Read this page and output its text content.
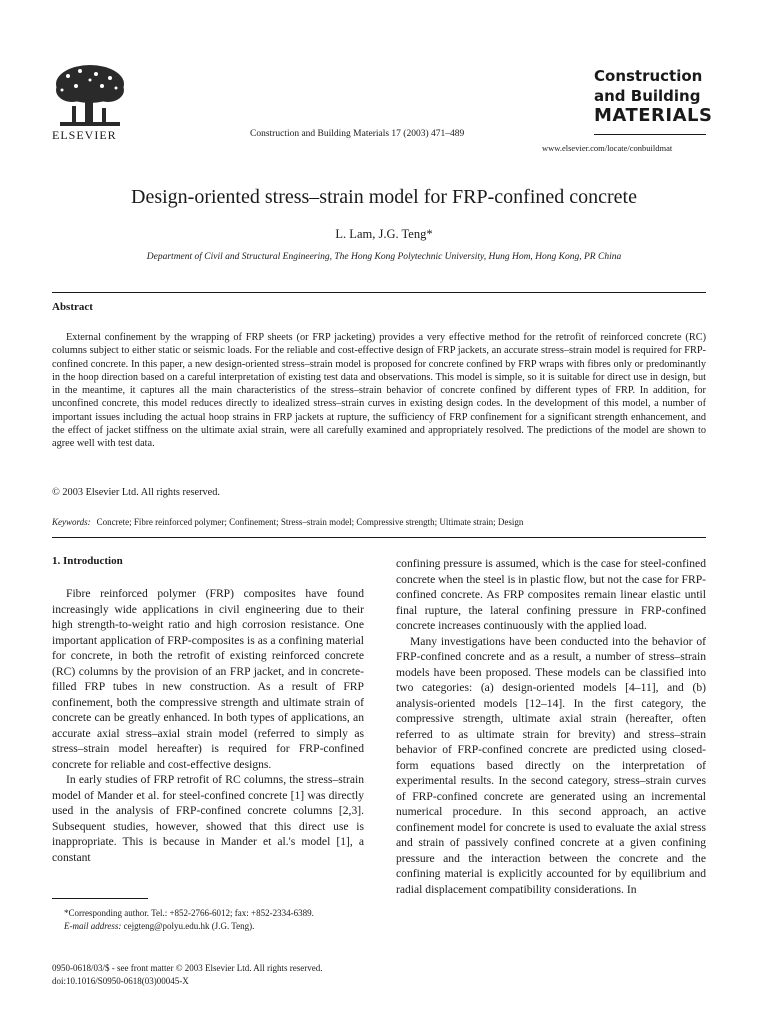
ELSEVIER	Construction and Building Materials 17 (2003) 471–489
Construction
and Building
MATERIALS
www.elsevier.com/locate/conbuildmat
Design-oriented stress–strain model for FRP-confined concrete
L. Lam, J.G. Teng*
Department of Civil and Structural Engineering, The Hong Kong Polytechnic University, Hung Hom, Hong Kong, PR China
Abstract
External confinement by the wrapping of FRP sheets (or FRP jacketing) provides a very effective method for the retrofit of reinforced concrete (RC) columns subject to either static or seismic loads. For the reliable and cost-effective design of FRP jackets, an accurate stress–strain model is required for FRP-confined concrete. In this paper, a new design-oriented stress–strain model is proposed for concrete confined by FRP wraps with fibres only or predominantly in the hoop direction based on a careful interpretation of existing test data and observations. This model is simple, so it is suitable for direct use in design, but in the meantime, it captures all the main characteristics of the stress–strain behavior of concrete confined by different types of FRP. In addition, for unconfined concrete, this model reduces directly to idealized stress–strain curves in existing design codes. In the development of this model, a number of important issues including the actual hoop strains in FRP jackets at rupture, the sufficiency of FRP confinement for a significant strength enhancement, and the effect of jacket stiffness on the ultimate axial strain, were all carefully examined and appropriately resolved. The predictions of the model are shown to agree well with test data.
© 2003 Elsevier Ltd. All rights reserved.
Keywords: Concrete; Fibre reinforced polymer; Confinement; Stress–strain model; Compressive strength; Ultimate strain; Design
1. Introduction

Fibre reinforced polymer (FRP) composites have found increasingly wide applications in civil engineering due to their high strength-to-weight ratio and high corrosion resistance. One important application of FRP-composites is as a confining material for concrete, in both the retrofit of existing reinforced concrete (RC) columns by the provision of an FRP jacket, and in concrete-filled FRP tubes in new construction. As a result of FRP confinement, both the compressive strength and ultimate strain of concrete can be greatly enhanced. In both types of applications, an accurate axial stress–axial strain model (referred to simply as stress–strain model hereafter) is required for FRP-confined concrete for reliable and cost-effective designs.

In early studies of FRP retrofit of RC columns, the stress–strain model of Mander et al. for steel-confined concrete [1] was directly used in the analysis of FRP-confined concrete columns [2,3]. Subsequent studies, however, showed that this direct use is inappropriate. This is because in Mander et al.'s model [1], a constant

confining pressure is assumed, which is the case for steel-confined concrete when the steel is in plastic flow, but not the case for FRP-confined concrete. As FRP composites remain linear elastic until final rupture, the lateral confining pressure in FRP-confined concrete increases continuously with the applied load.

Many investigations have been conducted into the behavior of FRP-confined concrete and as a result, a number of stress–strain models have been proposed. These models can be classified into two categories: (a) design-oriented models [4–11], and (b) analysis-oriented models [12–14]. In the first category, the compressive strength, ultimate axial strain (hereafter, often referred to as ultimate strain for brevity) and stress–strain behavior of FRP-confined concrete are predicted using closed-form equations based directly on the interpretation of experimental results. In the second category, stress–strain curves of FRP-confined concrete are generated using an incremental numerical procedure. In this second approach, an active confinement model for concrete is used to evaluate the axial stress and strain of passively confined concrete at a given confining pressure and the interaction between the concrete and the confining material is explicitly accounted for by equilibrium and radial displacement compatibility considerations. In

*Corresponding author. Tel.: +852-2766-6012; fax: +852-2334-6389.

E-mail address: cejgteng@polyu.edu.hk (J.G. Teng).

0950-0618/03/$ - see front matter © 2003 Elsevier Ltd. All rights reserved.
doi:10.1016/S0950-0618(03)00045-X
